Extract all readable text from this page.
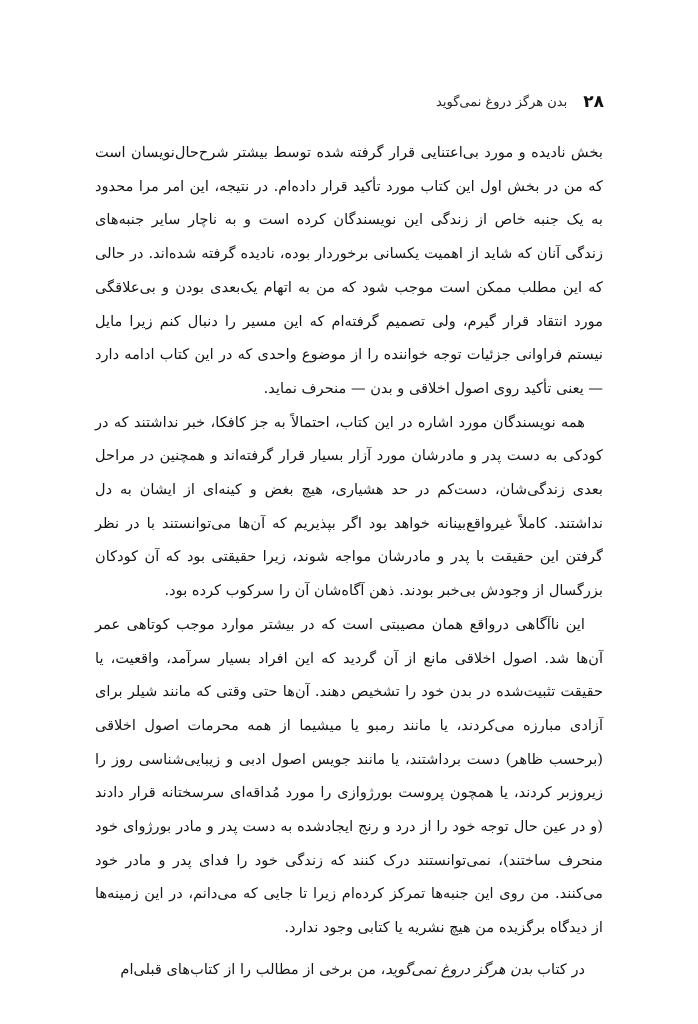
۲۸
بدن هرگز دروغ نمی‌گوید

بخش نادیده و مورد بی‌اعتنایی قرار گرفته شده توسط بیشتر شرح‌حال‌نویسان است که من در بخش اول این کتاب مورد تأکید قرار داده‌ام. در نتیجه، این امر مرا محدود به یک جنبه خاص از زندگی این نویسندگان کرده است و به ناچار سایر جنبه‌های زندگی آنان که شاید از اهمیت یکسانی برخوردار بوده، نادیده گرفته شده‌اند. در حالی که این مطلب ممکن است موجب شود که من به اتهام یک‌بعدی بودن و بی‌علاقگی مورد انتقاد قرار گیرم، ولی تصمیم گرفته‌ام که این مسیر را دنبال کنم زیرا مایل نیستم فراوانی جزئیات توجه خواننده را از موضوع واحدی که در این کتاب ادامه دارد — یعنی تأکید روی اصول اخلاقی و بدن — منحرف نماید.

همه نویسندگان مورد اشاره در این کتاب، احتمالاً به جز کافکا، خبر نداشتند که در کودکی به دست پدر و مادرشان مورد آزار بسیار قرار گرفته‌اند و همچنین در مراحل بعدی زندگی‌شان، دست‌کم در حد هشیاری، هیچ بغض و کینه‌ای از ایشان به دل نداشتند. کاملاً غیرواقع‌بینانه خواهد بود اگر بپذیریم که آن‌ها می‌توانستند با در نظر گرفتن این حقیقت با پدر و مادرشان مواجه شوند، زیرا حقیقتی بود که آن کودکان بزرگسال از وجودش بی‌خبر بودند. ذهن آگاه‌شان آن را سرکوب کرده بود.

این ناآگاهی درواقع همان مصیبتی است که در بیشتر موارد موجب کوتاهی عمر آن‌ها شد. اصول اخلاقی مانع از آن گردید که این افراد بسیار سرآمد، واقعیت، یا حقیقت تثبیت‌شده در بدن خود را تشخیص دهند. آن‌ها حتی وقتی که مانند شیلر برای آزادی مبارزه می‌کردند، یا مانند رمبو یا میشیما از همه محرمات اصول اخلاقی (برحسب ظاهر) دست برداشتند، یا مانند جویس اصول ادبی و زیبایی‌شناسی روز را زیروزبر کردند، یا همچون پروست بورژوازی را مورد مُداقه‌ای سرسختانه قرار دادند (و در عین حال توجه خود را از درد و رنج ایجادشده به دست پدر و مادر بورژوای خود منحرف ساختند)، نمی‌توانستند درک کنند که زندگی خود را فدای پدر و مادر خود می‌کنند. من روی این جنبه‌ها تمرکز کرده‌ام زیرا تا جایی که می‌دانم، در این زمینه‌ها از دیدگاه برگزیده من هیچ نشریه یا کتابی وجود ندارد.

در کتاب بدن هرگز دروغ نمی‌گوید، من برخی از مطالب را از کتاب‌های قبلی‌ام
